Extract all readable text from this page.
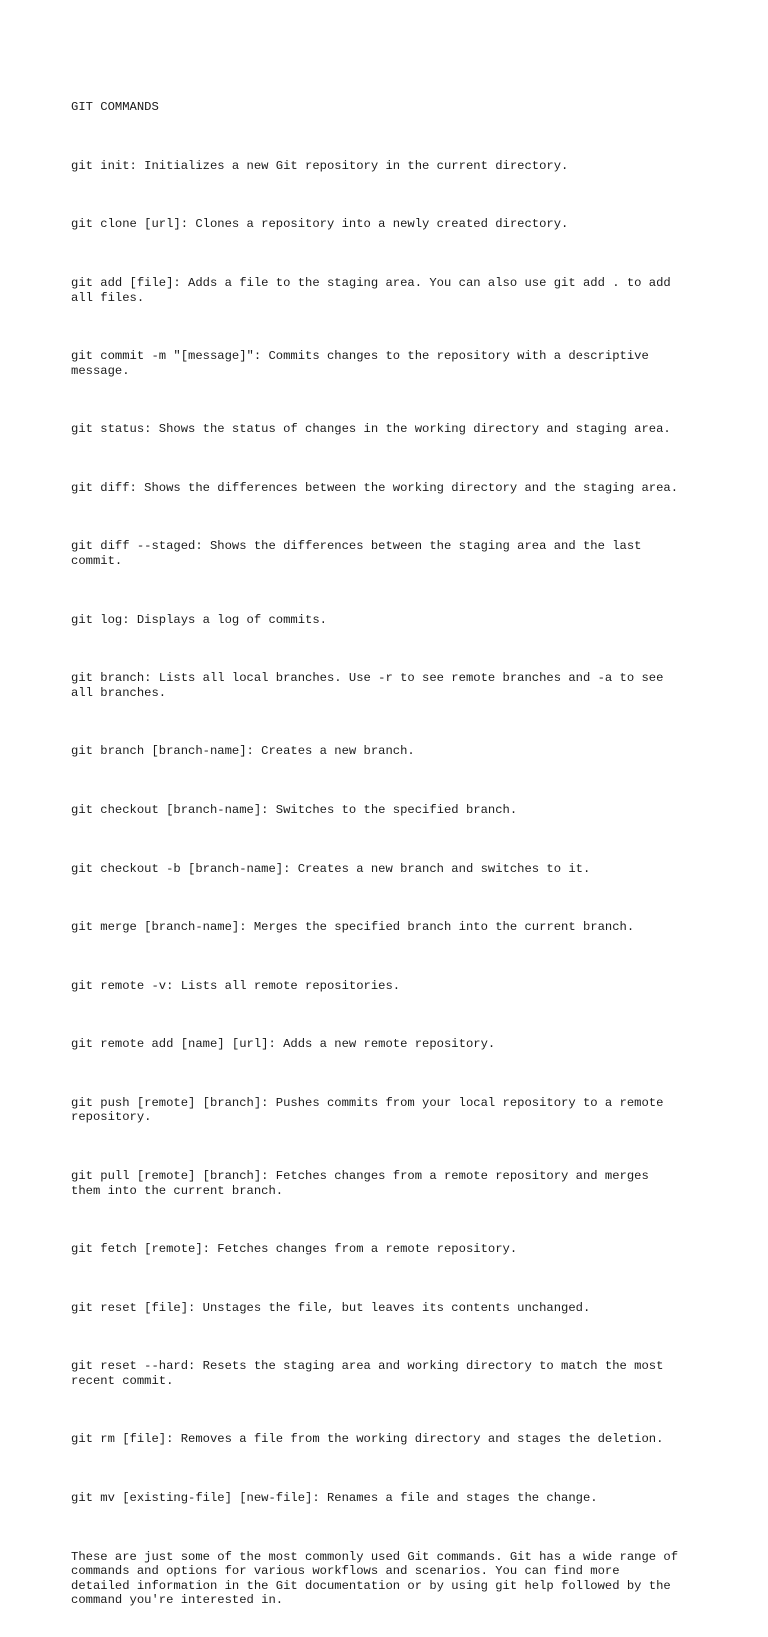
GIT COMMANDS

git init: Initializes a new Git repository in the current directory.

git clone [url]: Clones a repository into a newly created directory.

git add [file]: Adds a file to the staging area. You can also use git add . to add
all files.

git commit -m "[message]": Commits changes to the repository with a descriptive
message.

git status: Shows the status of changes in the working directory and staging area.

git diff: Shows the differences between the working directory and the staging area.

git diff --staged: Shows the differences between the staging area and the last
commit.

git log: Displays a log of commits.

git branch: Lists all local branches. Use -r to see remote branches and -a to see
all branches.

git branch [branch-name]: Creates a new branch.

git checkout [branch-name]: Switches to the specified branch.

git checkout -b [branch-name]: Creates a new branch and switches to it.

git merge [branch-name]: Merges the specified branch into the current branch.

git remote -v: Lists all remote repositories.

git remote add [name] [url]: Adds a new remote repository.

git push [remote] [branch]: Pushes commits from your local repository to a remote
repository.

git pull [remote] [branch]: Fetches changes from a remote repository and merges
them into the current branch.

git fetch [remote]: Fetches changes from a remote repository.

git reset [file]: Unstages the file, but leaves its contents unchanged.

git reset --hard: Resets the staging area and working directory to match the most
recent commit.

git rm [file]: Removes a file from the working directory and stages the deletion.

git mv [existing-file] [new-file]: Renames a file and stages the change.

These are just some of the most commonly used Git commands. Git has a wide range of
commands and options for various workflows and scenarios. You can find more
detailed information in the Git documentation or by using git help followed by the
command you're interested in.
